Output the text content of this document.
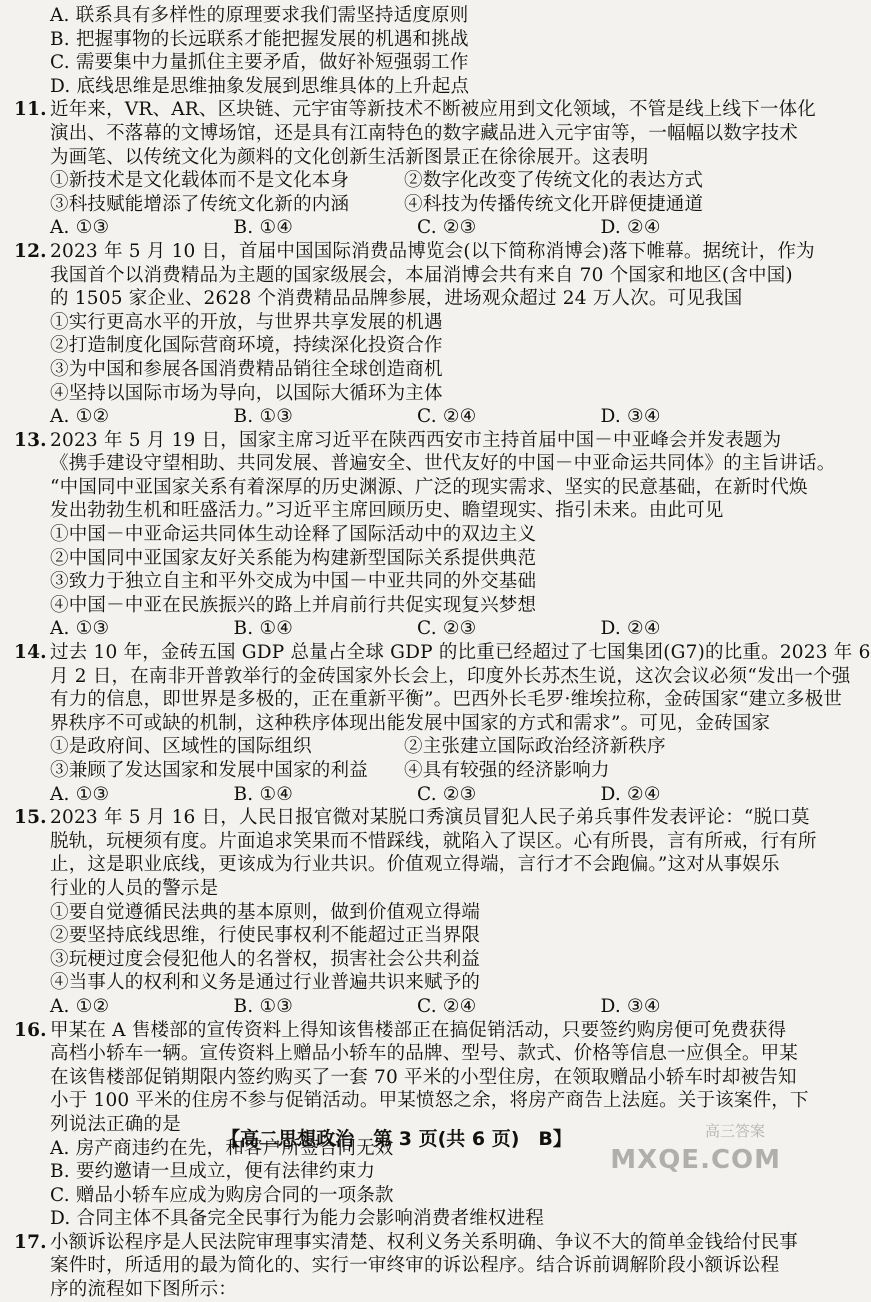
A. 联系具有多样性的原理要求我们需坚持适度原则
B. 把握事物的长远联系才能把握发展的机遇和挑战
C. 需要集中力量抓住主要矛盾，做好补短强弱工作
D. 底线思维是思维抽象发展到思维具体的上升起点
11. 近年来，VR、AR、区块链、元宇宙等新技术不断被应用到文化领域，不管是线上线下一体化
演出、不落幕的文博场馆，还是具有江南特色的数字藏品进入元宇宙等，一幅幅以数字技术
为画笔、以传统文化为颜料的文化创新生活新图景正在徐徐展开。这表明
①新技术是文化载体而不是文化本身	②数字化改变了传统文化的表达方式
③科技赋能增添了传统文化新的内涵	④科技为传播传统文化开辟便捷通道
A. ①③	B. ①④	C. ②③	D. ②④
12. 2023 年 5 月 10 日，首届中国国际消费品博览会(以下简称消博会)落下帷幕。据统计，作为
我国首个以消费精品为主题的国家级展会，本届消博会共有来自 70 个国家和地区(含中国)
的 1505 家企业、2628 个消费精品品牌参展，进场观众超过 24 万人次。可见我国
①实行更高水平的开放，与世界共享发展的机遇
②打造制度化国际营商环境，持续深化投资合作
③为中国和参展各国消费精品销往全球创造商机
④坚持以国际市场为导向，以国际大循环为主体
A. ①②	B. ①③	C. ②④	D. ③④
13. 2023 年 5 月 19 日，国家主席习近平在陕西西安市主持首届中国－中亚峰会并发表题为
《携手建设守望相助、共同发展、普遍安全、世代友好的中国－中亚命运共同体》的主旨讲话。
“中国同中亚国家关系有着深厚的历史渊源、广泛的现实需求、坚实的民意基础，在新时代焕
发出勃勃生机和旺盛活力。”习近平主席回顾历史、瞻望现实、指引未来。由此可见
①中国－中亚命运共同体生动诠释了国际活动中的双边主义
②中国同中亚国家友好关系能为构建新型国际关系提供典范
③致力于独立自主和平外交成为中国－中亚共同的外交基础
④中国－中亚在民族振兴的路上并肩前行共促实现复兴梦想
A. ①③	B. ①④	C. ②③	D. ②④
14. 过去 10 年，金砖五国 GDP 总量占全球 GDP 的比重已经超过了七国集团(G7)的比重。2023 年 6
月 2 日，在南非开普敦举行的金砖国家外长会上，印度外长苏杰生说，这次会议必须“发出一个强
有力的信息，即世界是多极的，正在重新平衡”。巴西外长毛罗·维埃拉称，金砖国家“建立多极世
界秩序不可或缺的机制，这种秩序体现出能发展中国家的方式和需求”。可见，金砖国家
①是政府间、区域性的国际组织	②主张建立国际政治经济新秩序
③兼顾了发达国家和发展中国家的利益	④具有较强的经济影响力
A. ①③	B. ①④	C. ②③	D. ②④
15. 2023 年 5 月 16 日，人民日报官微对某脱口秀演员冒犯人民子弟兵事件发表评论：“脱口莫
脱轨，玩梗须有度。片面追求笑果而不惜踩线，就陷入了误区。心有所畏，言有所戒，行有所
止，这是职业底线，更该成为行业共识。价值观立得端，言行才不会跑偏。”这对从事娱乐
行业的人员的警示是
①要自觉遵循民法典的基本原则，做到价值观立得端
②要坚持底线思维，行使民事权利不能超过正当界限
③玩梗过度会侵犯他人的名誉权，损害社会公共利益
④当事人的权利和义务是通过行业普遍共识来赋予的
A. ①②	B. ①③	C. ②④	D. ③④
16. 甲某在 A 售楼部的宣传资料上得知该售楼部正在搞促销活动，只要签约购房便可免费获得
高档小轿车一辆。宣传资料上赠品小轿车的品牌、型号、款式、价格等信息一应俱全。甲某
在该售楼部促销期限内签约购买了一套 70 平米的小型住房，在领取赠品小轿车时却被告知
小于 100 平米的住房不参与促销活动。甲某愤怒之余，将房产商告上法庭。关于该案件，下
列说法正确的是
A. 房产商违约在先，和客户所签合同无效
B. 要约邀请一旦成立，便有法律约束力
C. 赠品小轿车应成为购房合同的一项条款
D. 合同主体不具备完全民事行为能力会影响消费者维权进程
17. 小额诉讼程序是人民法院审理事实清楚、权利义务关系明确、争议不大的简单金钱给付民事
案件时，所适用的最为简化的、实行一审终审的诉讼程序。结合诉前调解阶段小额诉讼程
序的流程如下图所示：
【高二思想政治　第 3 页(共 6 页)　B】	高三答案
MXQE.COM
